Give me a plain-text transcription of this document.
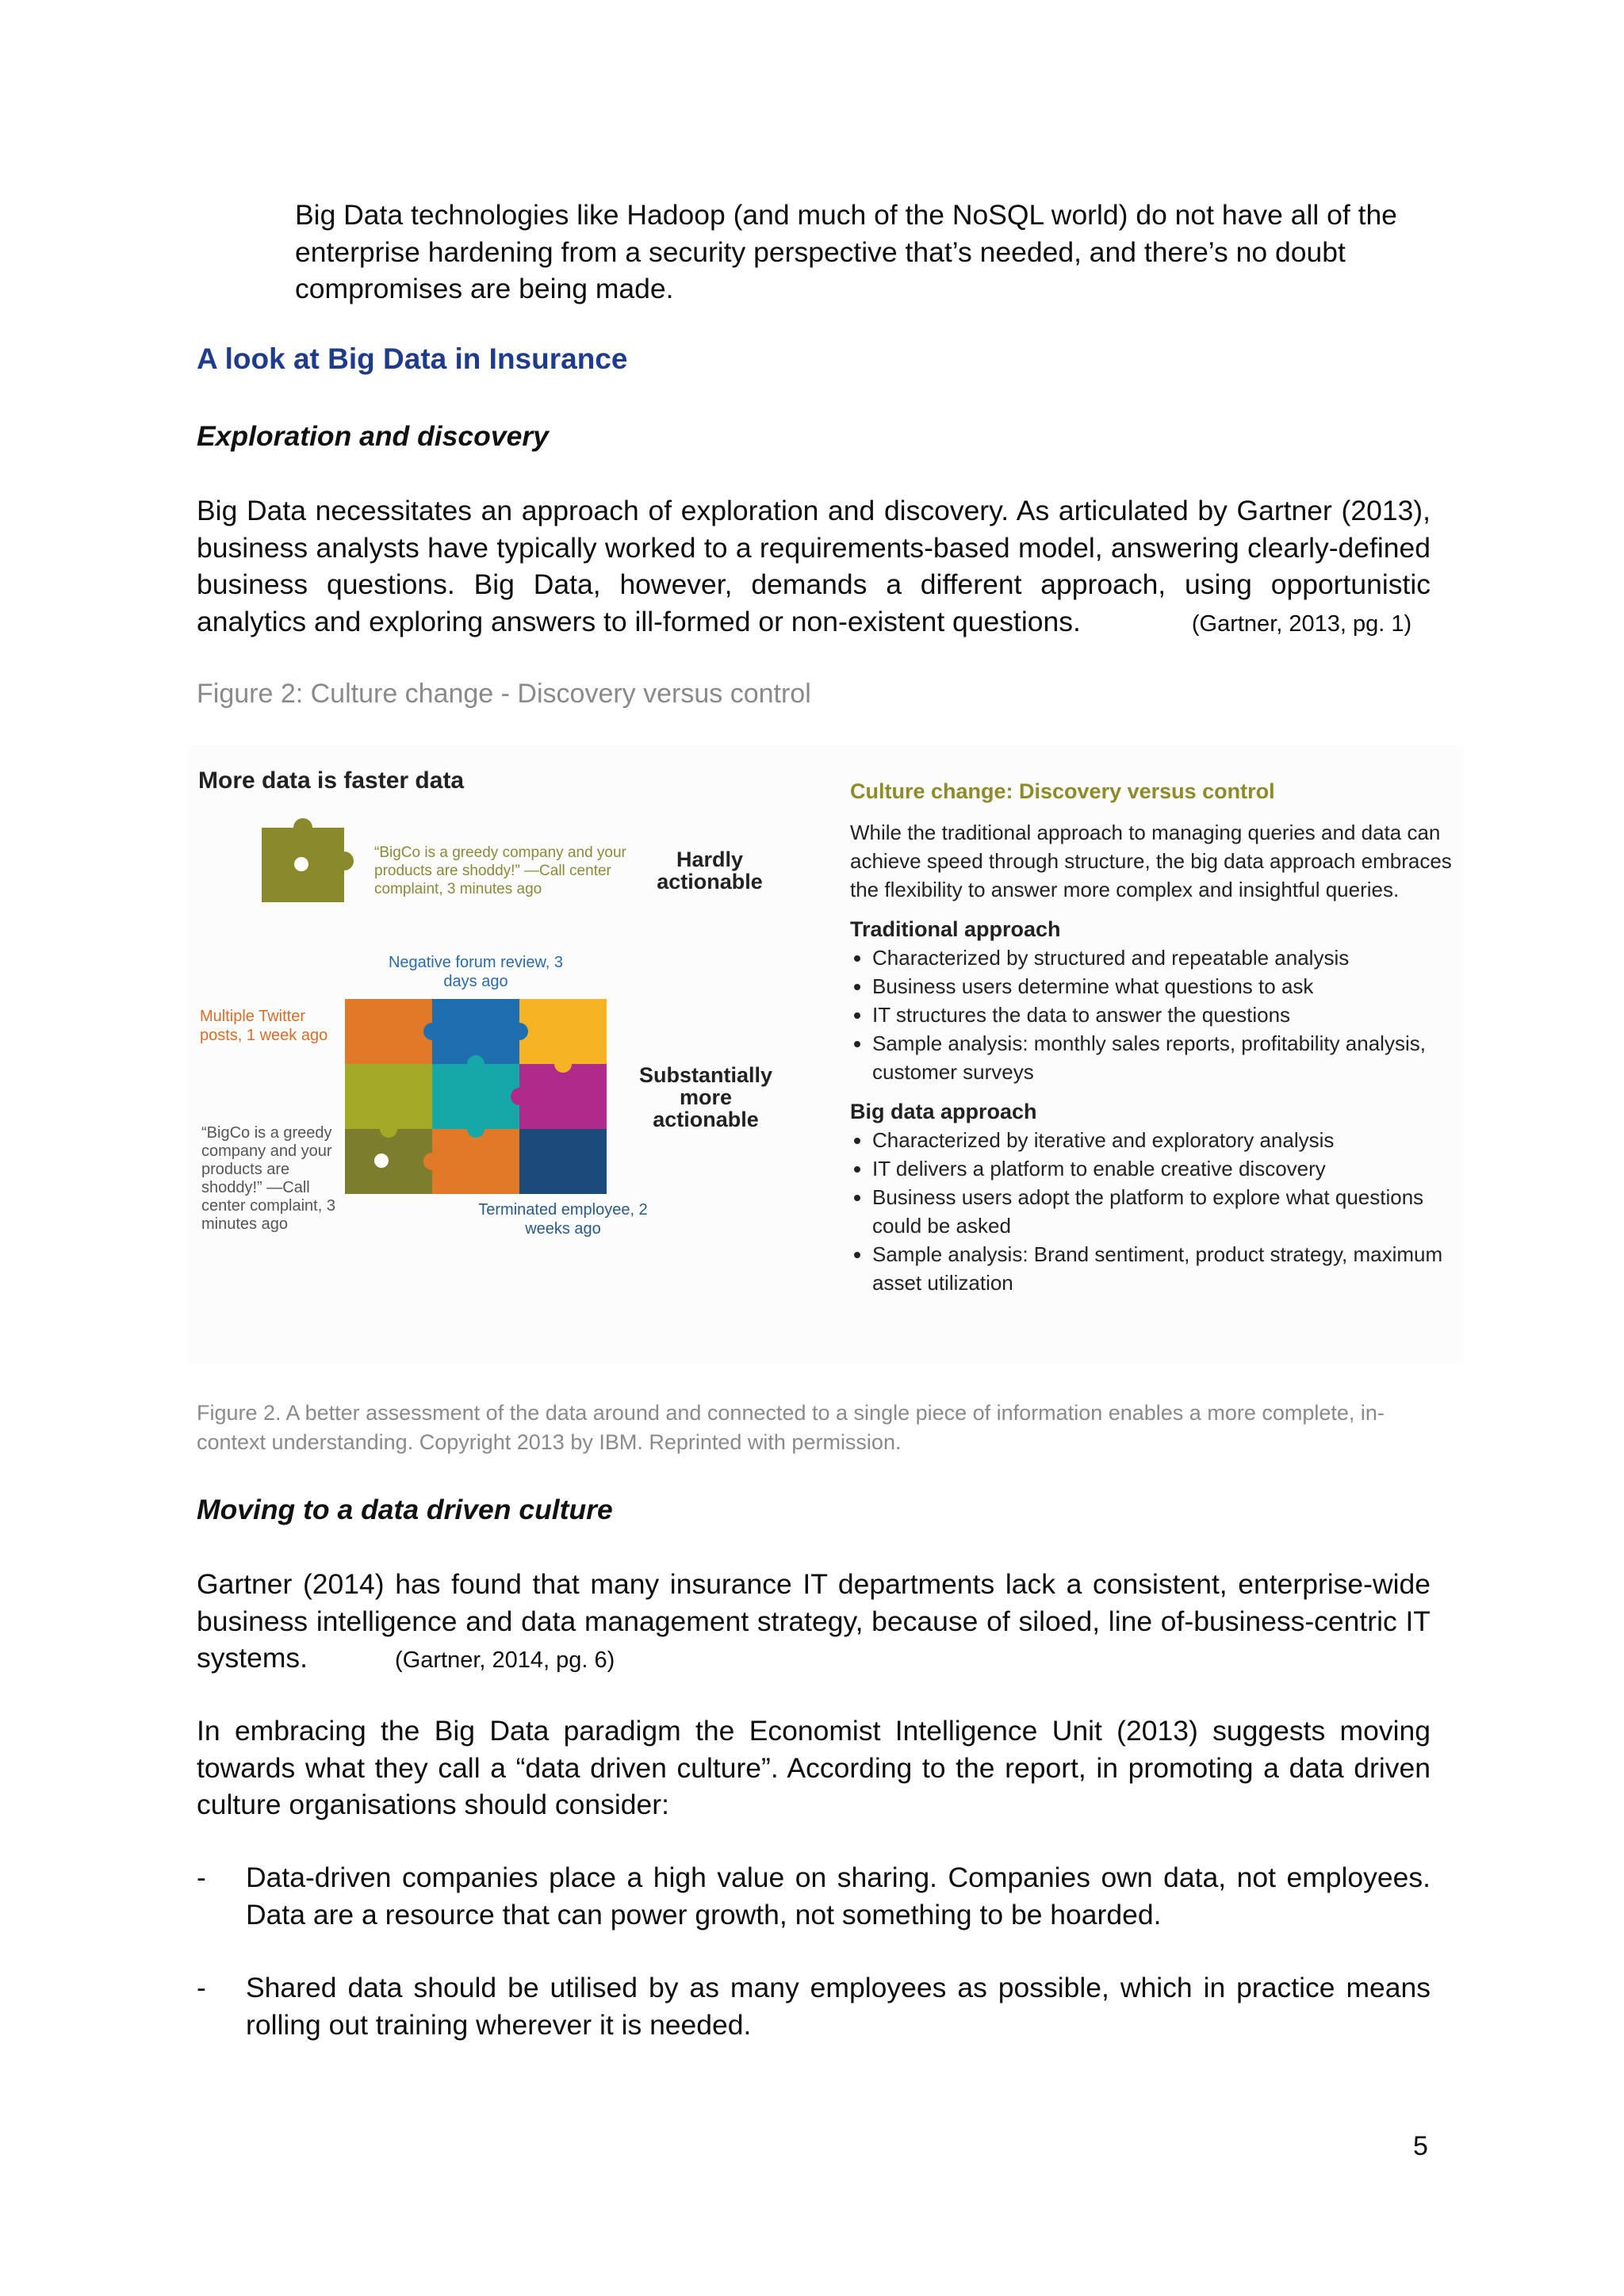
Big Data technologies like Hadoop (and much of the NoSQL world) do not have all of the enterprise hardening from a security perspective that’s needed, and there’s no doubt compromises are being made.
A look at Big Data in Insurance
Exploration and discovery
Big Data necessitates an approach of exploration and discovery. As articulated by Gartner (2013), business analysts have typically worked to a requirements-based model, answering clearly-defined business questions. Big Data, however, demands a different approach, using opportunistic analytics and exploring answers to ill-formed or non-existent questions.	(Gartner, 2013, pg. 1)
Figure 2: Culture change - Discovery versus control
More data is faster data
“BigCo is a greedy company and your products are shoddy!” —Call center complaint, 3 minutes ago
Hardly actionable
Negative forum review, 3 days ago
Multiple Twitter posts, 1 week ago
“BigCo is a greedy company and your products are shoddy!” —Call center complaint, 3 minutes ago
Terminated employee, 2 weeks ago
Substantially more actionable
Culture change: Discovery versus control
While the traditional approach to managing queries and data can achieve speed through structure, the big data approach embraces the flexibility to answer more complex and insightful queries.
Traditional approach
• Characterized by structured and repeatable analysis
• Business users determine what questions to ask
• IT structures the data to answer the questions
• Sample analysis: monthly sales reports, profitability analysis, customer surveys
Big data approach
• Characterized by iterative and exploratory analysis
• IT delivers a platform to enable creative discovery
• Business users adopt the platform to explore what questions could be asked
• Sample analysis: Brand sentiment, product strategy, maximum asset utilization
Figure 2. A better assessment of the data around and connected to a single piece of information enables a more complete, in-context understanding. Copyright 2013 by IBM. Reprinted with permission.
Moving to a data driven culture
Gartner (2014) has found that many insurance IT departments lack a consistent, enterprise-wide business intelligence and data management strategy, because of siloed, line of-business-centric IT systems.	(Gartner, 2014, pg. 6)
In embracing the Big Data paradigm the Economist Intelligence Unit (2013) suggests moving towards what they call a “data driven culture”. According to the report, in promoting a data driven culture organisations should consider:
- Data-driven companies place a high value on sharing. Companies own data, not employees. Data are a resource that can power growth, not something to be hoarded.
- Shared data should be utilised by as many employees as possible, which in practice means rolling out training wherever it is needed.
5
